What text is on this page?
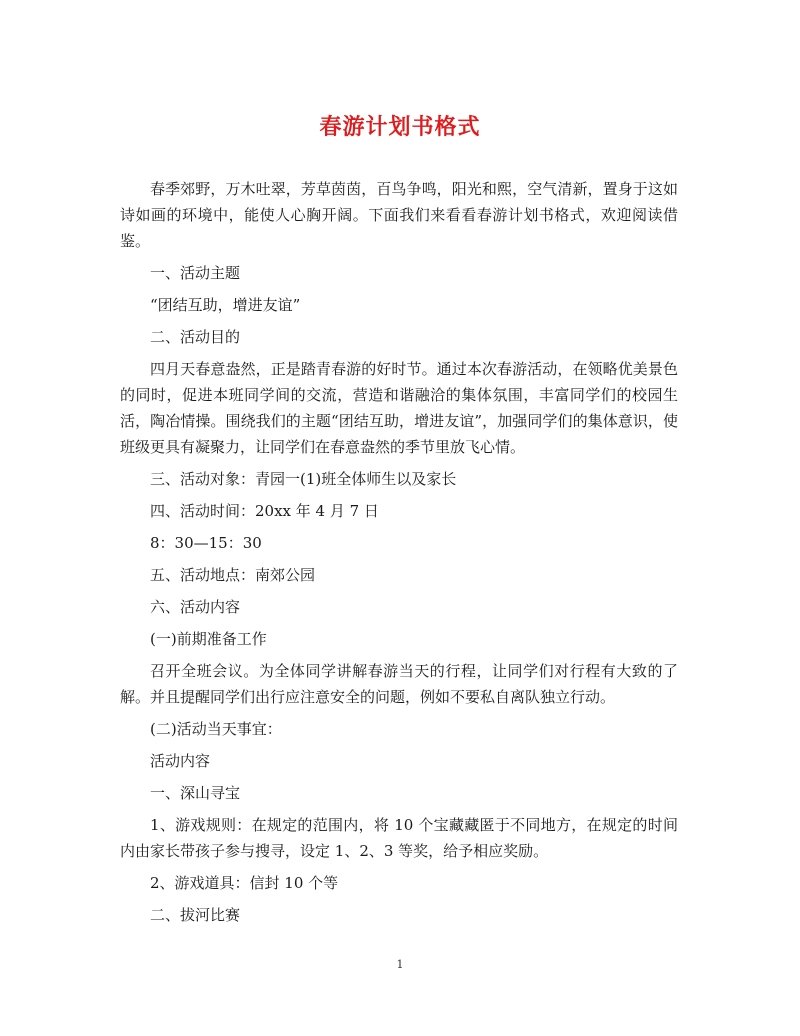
春游计划书格式

春季郊野，万木吐翠，芳草茵茵，百鸟争鸣，阳光和熙，空气清新，置身于这如诗如画的环境中，能使人心胸开阔。下面我们来看看春游计划书格式，欢迎阅读借鉴。

一、活动主题

“团结互助，增进友谊”

二、活动目的

四月天春意盎然，正是踏青春游的好时节。通过本次春游活动，在领略优美景色的同时，促进本班同学间的交流，营造和谐融洽的集体氛围，丰富同学们的校园生活，陶冶情操。围绕我们的主题“团结互助，增进友谊”，加强同学们的集体意识，使班级更具有凝聚力，让同学们在春意盎然的季节里放飞心情。

三、活动对象：青园一(1)班全体师生以及家长

四、活动时间：20xx 年 4 月 7 日

8：30—15：30

五、活动地点：南郊公园

六、活动内容

(一)前期准备工作

召开全班会议。为全体同学讲解春游当天的行程，让同学们对行程有大致的了解。并且提醒同学们出行应注意安全的问题，例如不要私自离队独立行动。

(二)活动当天事宜：

活动内容

一、深山寻宝

1、游戏规则：在规定的范围内，将 10 个宝藏藏匿于不同地方，在规定的时间内由家长带孩子参与搜寻，设定 1、2、3 等奖，给予相应奖励。

2、游戏道具：信封 10 个等

二、拔河比赛

1
